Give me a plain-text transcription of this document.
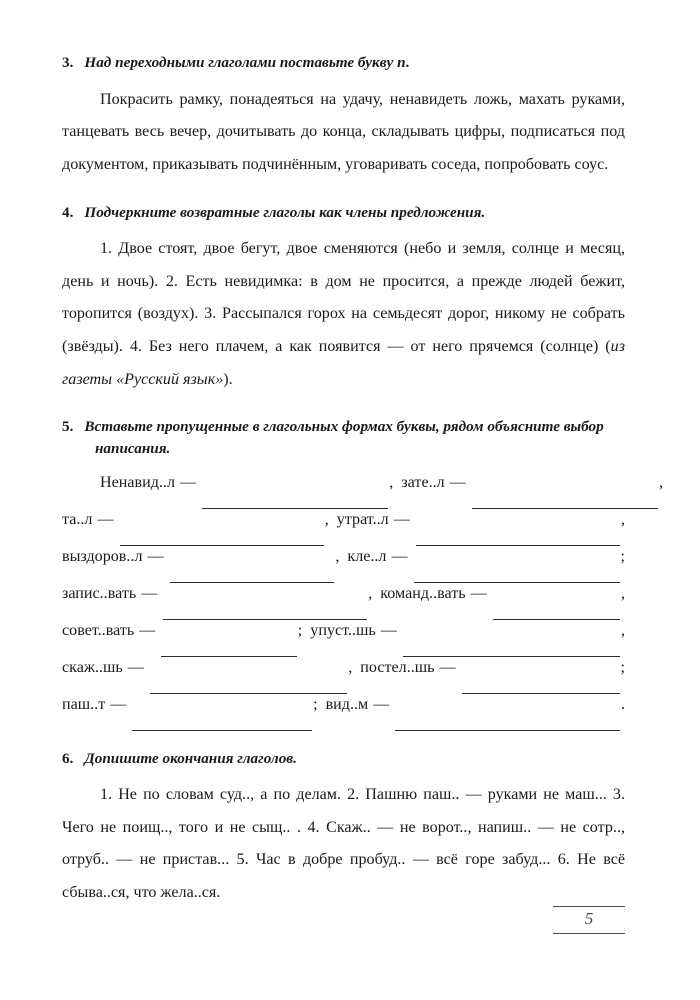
3. Над переходными глаголами поставьте букву п.

Покрасить рамку, понадеяться на удачу, ненавидеть ложь, махать руками, танцевать весь вечер, дочитывать до конца, складывать цифры, подписаться под документом, приказывать подчинённым, уговаривать соседа, попробовать соус.

4. Подчеркните возвратные глаголы как члены предложения.

1. Двое стоят, двое бегут, двое сменяются (небо и земля, солнце и месяц, день и ночь). 2. Есть невидимка: в дом не просится, а прежде людей бежит, торопится (воздух). 3. Рассыпался горох на семьдесят дорог, никому не собрать (звёзды). 4. Без него плачем, а как появится — от него прячемся (солнце) (из газеты «Русский язык»).

5. Вставьте пропущенные в глагольных формах буквы, рядом объясните выбор написания.

Ненавид..л —	, зате..л —	,
та..л —	, утрат..л —	,
выздоров..л —	, кле..л —	;
запис..вать —	, команд..вать —	,
совет..вать —	; упуст..шь —	,
скаж..шь —	, постел..шь —	;
паш..т —	; вид..м —	.

6. Допишите окончания глаголов.

1. Не по словам суд.., а по делам. 2. Пашню паш.. — руками не маш... 3. Чего не поищ.., того и не сыщ.. . 4. Скаж.. — не ворот.., напиш.. — не сотр.., отруб.. — не пристав... 5. Час в добре пробуд.. — всё горе забуд... 6. Не всё сбыва..ся, что жела..ся.

5
